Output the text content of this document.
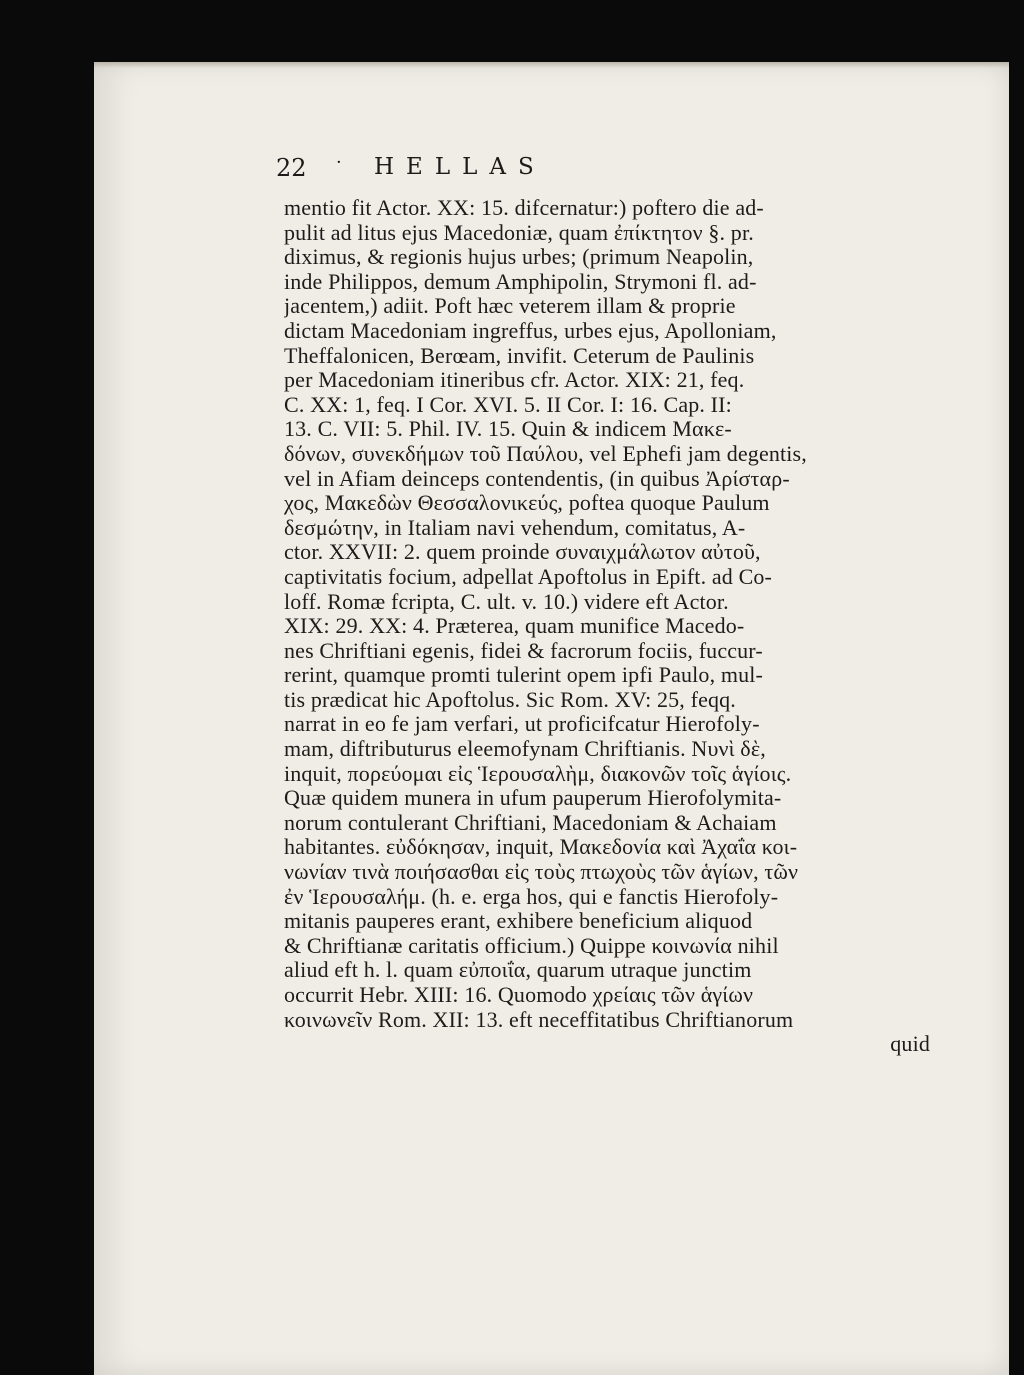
22 · HELLAS
mentio fit Actor. XX: 15. difcernatur:) poftero die ad-
pulit ad litus ejus Macedoniæ, quam ἐπίκτητον §. pr.
diximus, & regionis hujus urbes; (primum Neapolin,
inde Philippos, demum Amphipolin, Strymoni fl. ad-
jacentem,) adiit. Poft hæc veterem illam & proprie
dictam Macedoniam ingreffus, urbes ejus, Apolloniam,
Theffalonicen, Berœam, invifit. Ceterum de Paulinis
per Macedoniam itineribus cfr. Actor. XIX: 21, feq.
C. XX: 1, feq. I Cor. XVI. 5. II Cor. I: 16. Cap. II:
13. C. VII: 5. Phil. IV. 15. Quin & indicem Μακε-
δόνων, συνεκδήμων τοῦ Παύλου, vel Ephefi jam degentis,
vel in Afiam deinceps contendentis, (in quibus Ἀρίσταρ-
χος, Μακεδὼν Θεσσαλονικεύς, poftea quoque Paulum
δεσμώτην, in Italiam navi vehendum, comitatus, A-
ctor. XXVII: 2. quem proinde συναιχμάλωτον αὐτοῦ,
captivitatis focium, adpellat Apoftolus in Epift. ad Co-
loff. Romæ fcripta, C. ult. v. 10.) videre eft Actor.
XIX: 29. XX: 4. Præterea, quam munifice Macedo-
nes Chriftiani egenis, fidei & facrorum fociis, fuccur-
rerint, quamque promti tulerint opem ipfi Paulo, mul-
tis prædicat hic Apoftolus. Sic Rom. XV: 25, feqq.
narrat in eo fe jam verfari, ut proficifcatur Hierofoly-
mam, diftributurus eleemofynam Chriftianis. Νυνὶ δὲ,
inquit, πορεύομαι εἰς Ἱερουσαλὴμ, διακονῶν τοῖς ἁγίοις.
Quæ quidem munera in ufum pauperum Hierofolymita-
norum contulerant Chriftiani, Macedoniam & Achaiam
habitantes. εὐδόκησαν, inquit, Μακεδονία καὶ Ἀχαΐα κοι-
νωνίαν τινὰ ποιήσασθαι εἰς τοὺς πτωχοὺς τῶν ἁγίων, τῶν
ἐν Ἱερουσαλήμ. (h. e. erga hos, qui e fanctis Hierofoly-
mitanis pauperes erant, exhibere beneficium aliquod
& Chriftianæ caritatis officium.) Quippe κοινωνία nihil
aliud eft h. l. quam εὐποιΐα, quarum utraque junctim
occurrit Hebr. XIII: 16. Quomodo χρείαις τῶν ἁγίων
κοινωνεῖν Rom. XII: 13. eft neceffitatibus Chriftianorum
quid
